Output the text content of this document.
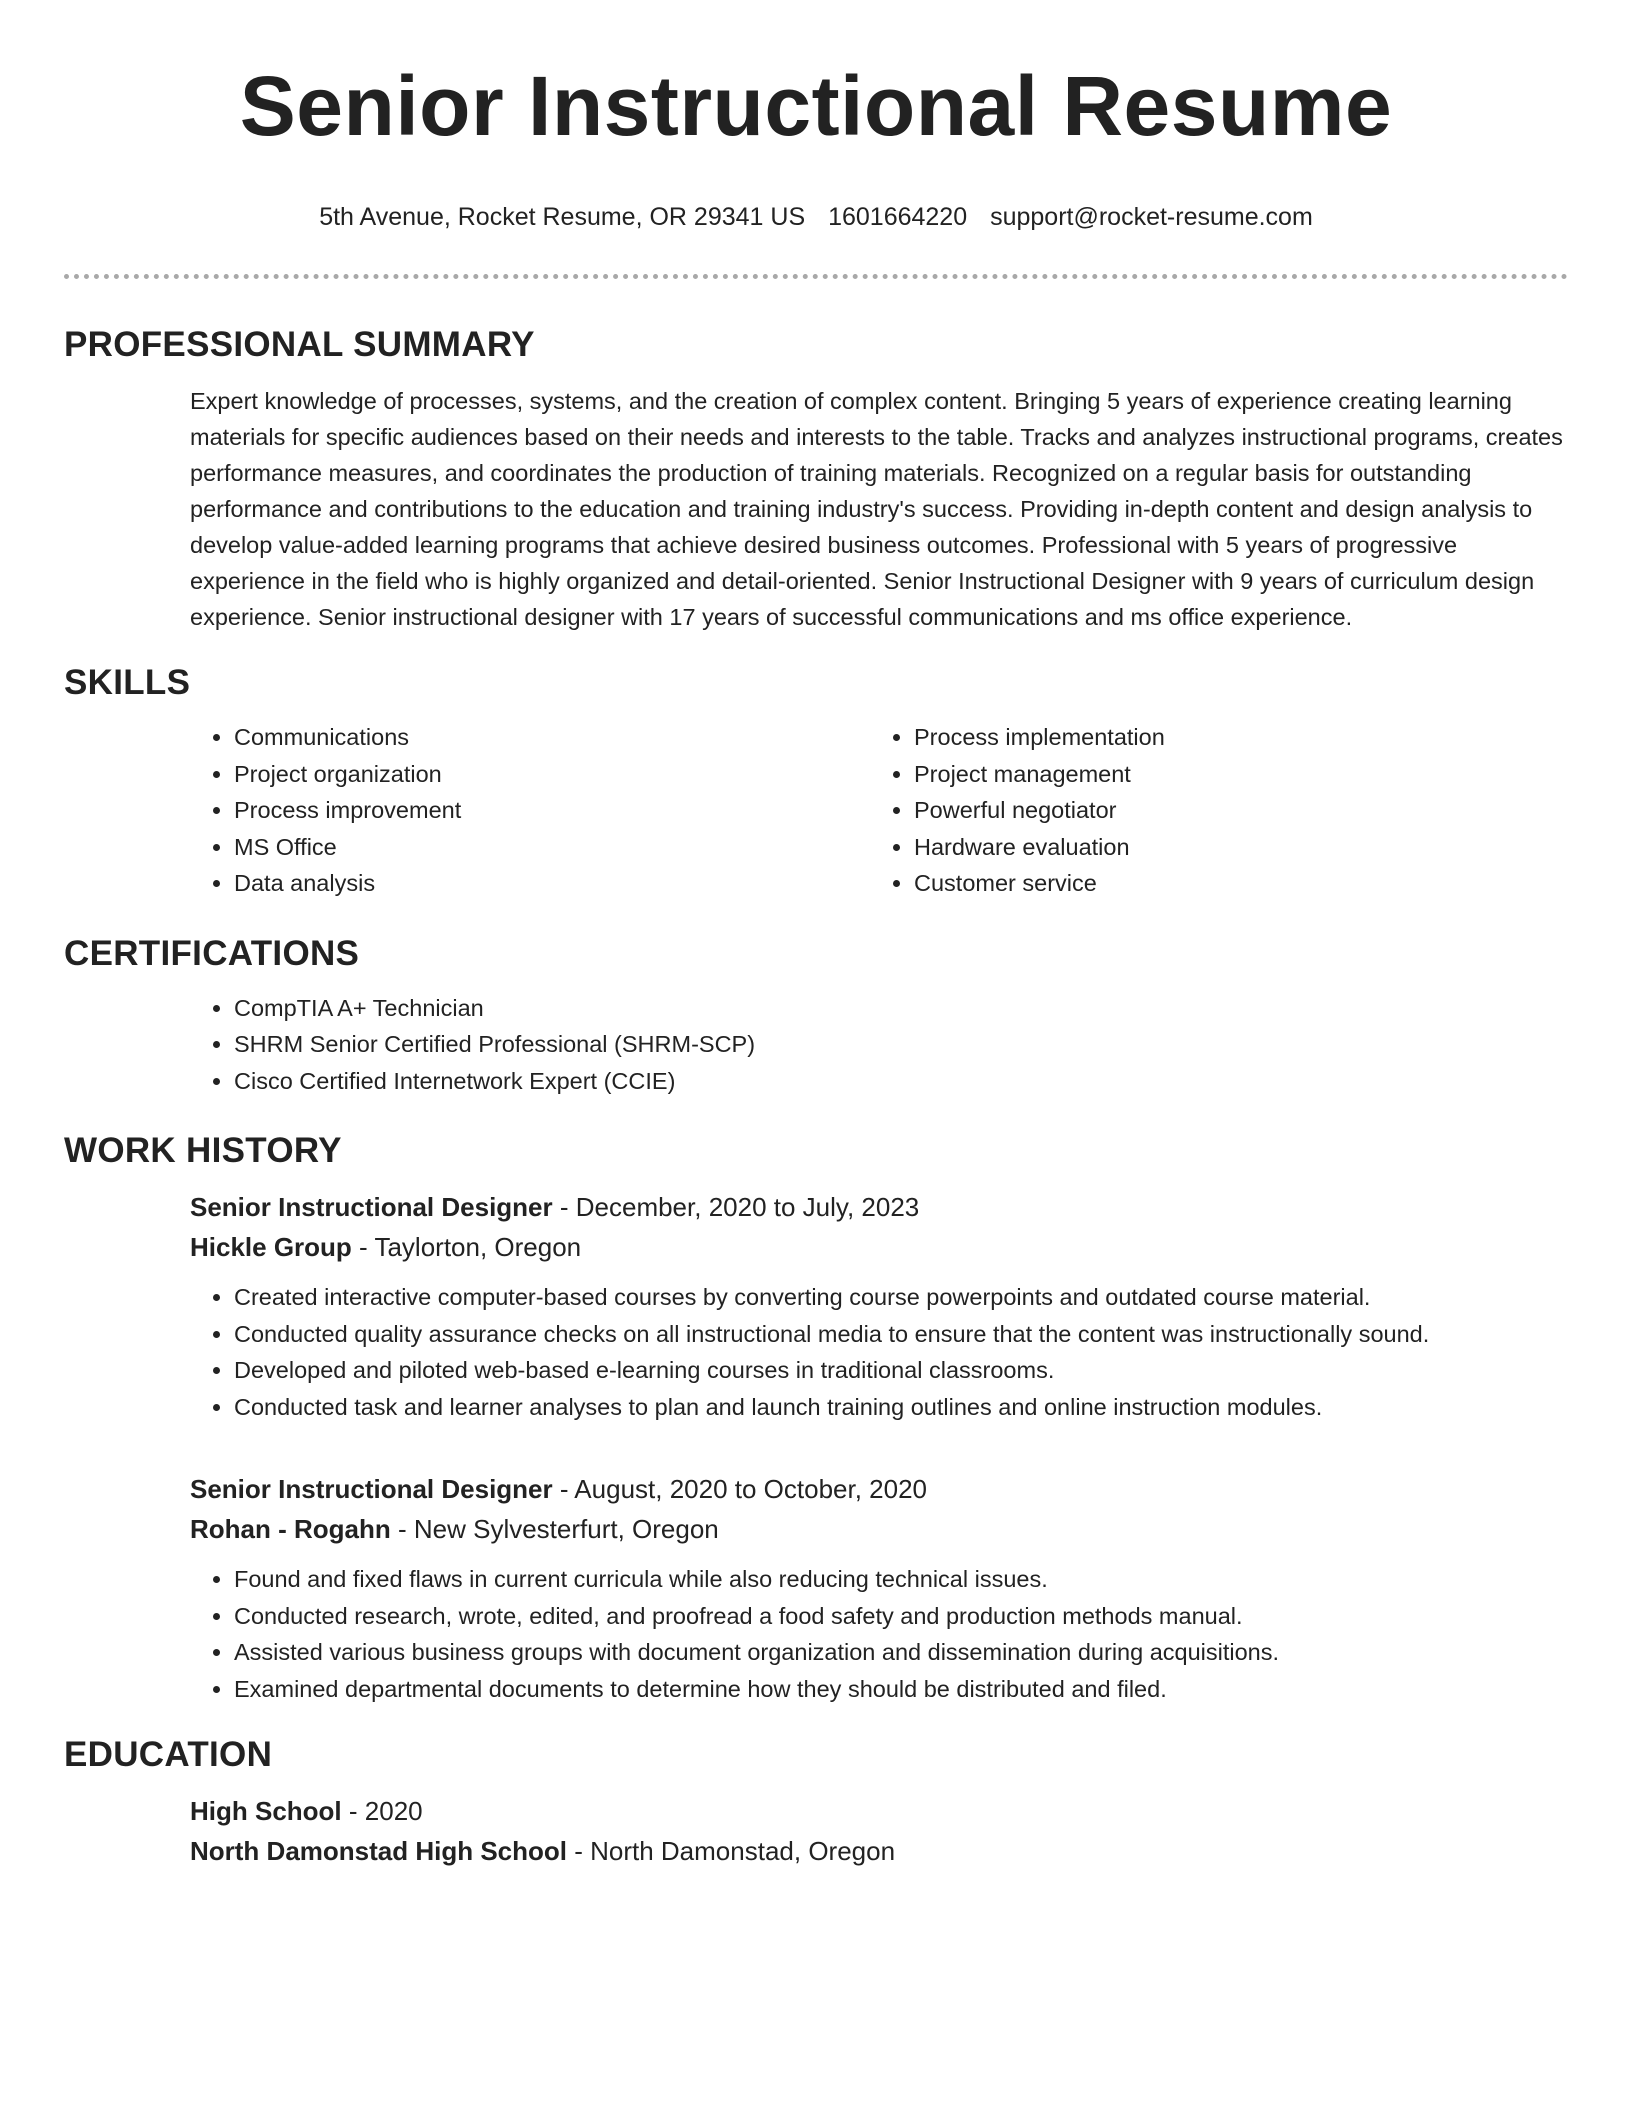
Senior Instructional Resume
5th Avenue, Rocket Resume, OR 29341 US 1601664220 support@rocket-resume.com
PROFESSIONAL SUMMARY

Expert knowledge of processes, systems, and the creation of complex content. Bringing 5 years of experience creating learning materials for specific audiences based on their needs and interests to the table. Tracks and analyzes instructional programs, creates performance measures, and coordinates the production of training materials. Recognized on a regular basis for outstanding performance and contributions to the education and training industry's success. Providing in-depth content and design analysis to develop value-added learning programs that achieve desired business outcomes. Professional with 5 years of progressive experience in the field who is highly organized and detail-oriented. Senior Instructional Designer with 9 years of curriculum design experience. Senior instructional designer with 17 years of successful communications and ms office experience.

SKILLS
• Communications
• Project organization
• Process improvement
• MS Office
• Data analysis
• Process implementation
• Project management
• Powerful negotiator
• Hardware evaluation
• Customer service
CERTIFICATIONS
• CompTIA A+ Technician
• SHRM Senior Certified Professional (SHRM-SCP)
• Cisco Certified Internetwork Expert (CCIE)
WORK HISTORY
Senior Instructional Designer - December, 2020 to July, 2023
Hickle Group - Taylorton, Oregon
• Created interactive computer-based courses by converting course powerpoints and outdated course material.
• Conducted quality assurance checks on all instructional media to ensure that the content was instructionally sound.
• Developed and piloted web-based e-learning courses in traditional classrooms.
• Conducted task and learner analyses to plan and launch training outlines and online instruction modules.
Senior Instructional Designer - August, 2020 to October, 2020
Rohan - Rogahn - New Sylvesterfurt, Oregon
• Found and fixed flaws in current curricula while also reducing technical issues.
• Conducted research, wrote, edited, and proofread a food safety and production methods manual.
• Assisted various business groups with document organization and dissemination during acquisitions.
• Examined departmental documents to determine how they should be distributed and filed.
EDUCATION
High School - 2020
North Damonstad High School - North Damonstad, Oregon
